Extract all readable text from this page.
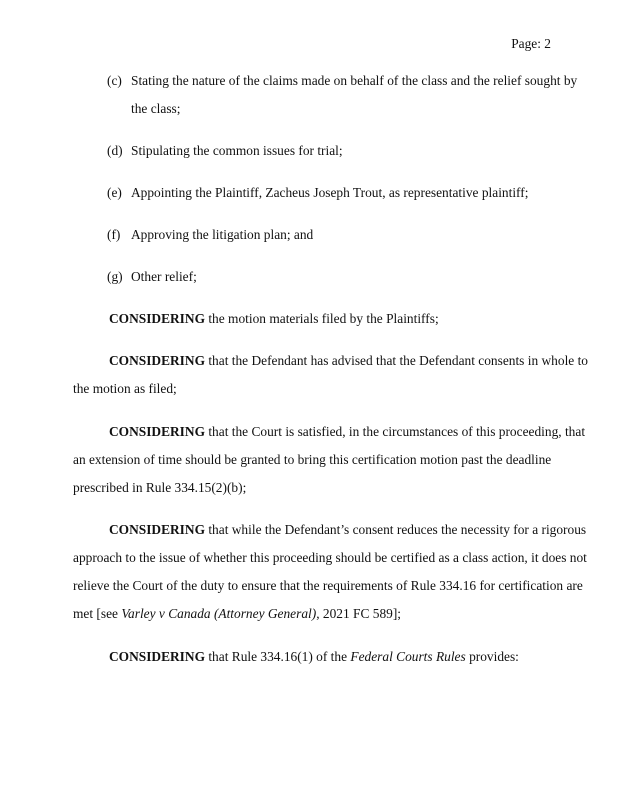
Page: 2

(c) Stating the nature of the claims made on behalf of the class and the relief sought by
the class;
(d) Stipulating the common issues for trial;
(e) Appointing the Plaintiff, Zacheus Joseph Trout, as representative plaintiff;
(f) Approving the litigation plan; and
(g) Other relief;

CONSIDERING the motion materials filed by the Plaintiffs;

CONSIDERING that the Defendant has advised that the Defendant consents in whole to

the motion as filed;

CONSIDERING that the Court is satisfied, in the circumstances of this proceeding, that

an extension of time should be granted to bring this certification motion past the deadline

prescribed in Rule 334.15(2)(b);

CONSIDERING that while the Defendant’s consent reduces the necessity for a rigorous

approach to the issue of whether this proceeding should be certified as a class action, it does not

relieve the Court of the duty to ensure that the requirements of Rule 334.16 for certification are

met [see Varley v Canada (Attorney General), 2021 FC 589];

CONSIDERING that Rule 334.16(1) of the Federal Courts Rules provides:
